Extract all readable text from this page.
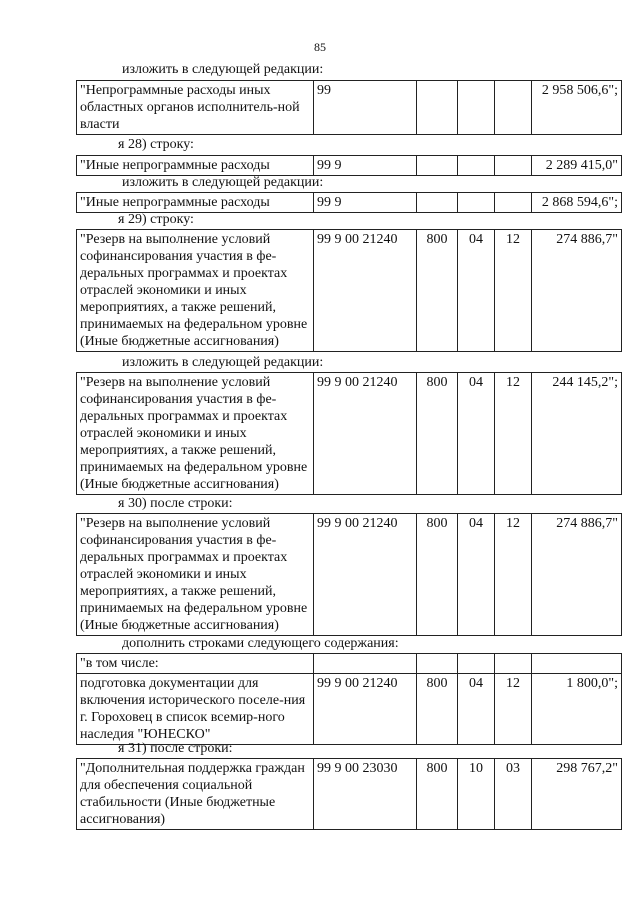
85
изложить в следующей редакции:
"Непрограммные расходы иных областных органов исполнитель-ной власти	99				2 958 506,6";
я 28) строку:
"Иные непрограммные расходы	99 9				2 289 415,0"
изложить в следующей редакции:
"Иные непрограммные расходы	99 9				2 868 594,6";
я 29) строку:
"Резерв на выполнение условий софинансирования участия в фе-деральных программах и проектах отраслей экономики и иных мероприятиях, а также решений, принимаемых на федеральном уровне (Иные бюджетные ассигнования)	99 9 00 21240	800	04	12	274 886,7"
изложить в следующей редакции:
"Резерв на выполнение условий софинансирования участия в фе-деральных программах и проектах отраслей экономики и иных мероприятиях, а также решений, принимаемых на федеральном уровне (Иные бюджетные ассигнования)	99 9 00 21240	800	04	12	244 145,2";
я 30) после строки:
"Резерв на выполнение условий софинансирования участия в фе-деральных программах и проектах отраслей экономики и иных мероприятиях, а также решений, принимаемых на федеральном уровне (Иные бюджетные ассигнования)	99 9 00 21240	800	04	12	274 886,7"
дополнить строками следующего содержания:
"в том числе:					
подготовка документации для включения исторического поселе-ния г. Гороховец в список всемир-ного наследия "ЮНЕСКО"	99 9 00 21240	800	04	12	1 800,0";
я 31) после строки:
"Дополнительная поддержка граждан для обеспечения социальной стабильности (Иные бюджетные ассигнования)	99 9 00 23030	800	10	03	298 767,2"
